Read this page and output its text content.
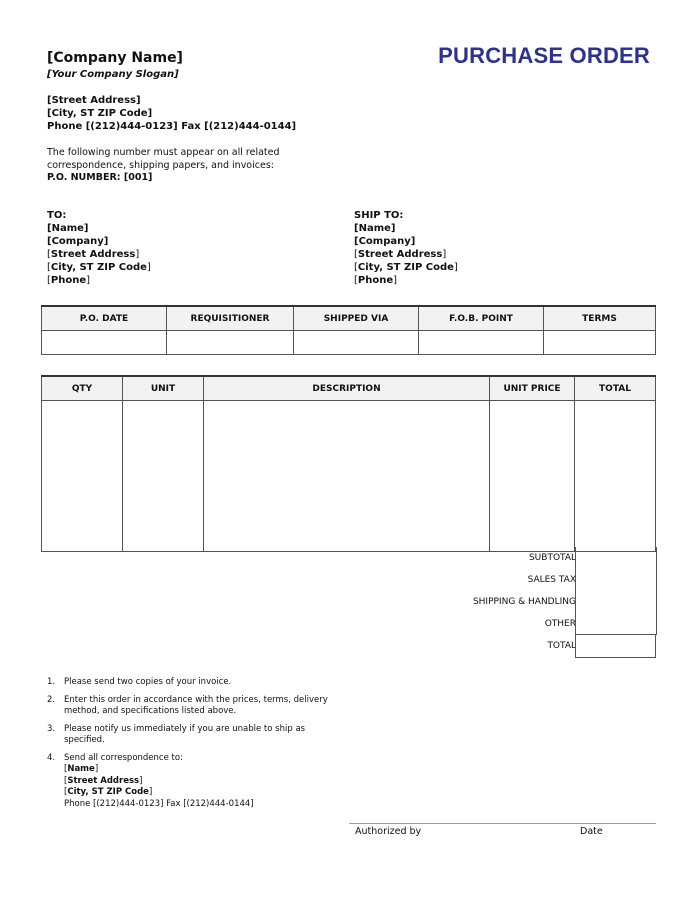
[Company Name]
[Your Company Slogan]
PURCHASE ORDER
[Street Address]
[City, ST ZIP Code]
Phone [(212)444-0123] Fax [(212)444-0144]
The following number must appear on all related correspondence, shipping papers, and invoices:
P.O. NUMBER: [001]
TO:
[Name]
[Company]
[Street Address]
[City, ST ZIP Code]
[Phone]
SHIP TO:
[Name]
[Company]
[Street Address]
[City, ST ZIP Code]
[Phone]
P.O. DATE	REQUISITIONER	SHIPPED VIA	F.O.B. POINT	TERMS

QTY	UNIT	DESCRIPTION	UNIT PRICE	TOTAL

SUBTOTAL
SALES TAX
SHIPPING & HANDLING
OTHER
TOTAL
1. Please send two copies of your invoice.
2. Enter this order in accordance with the prices, terms, delivery method, and specifications listed above.
3. Please notify us immediately if you are unable to ship as specified.
4. Send all correspondence to:
[Name]
[Street Address]
[City, ST ZIP Code]
Phone [(212)444-0123] Fax [(212)444-0144]
Authorized by	Date
